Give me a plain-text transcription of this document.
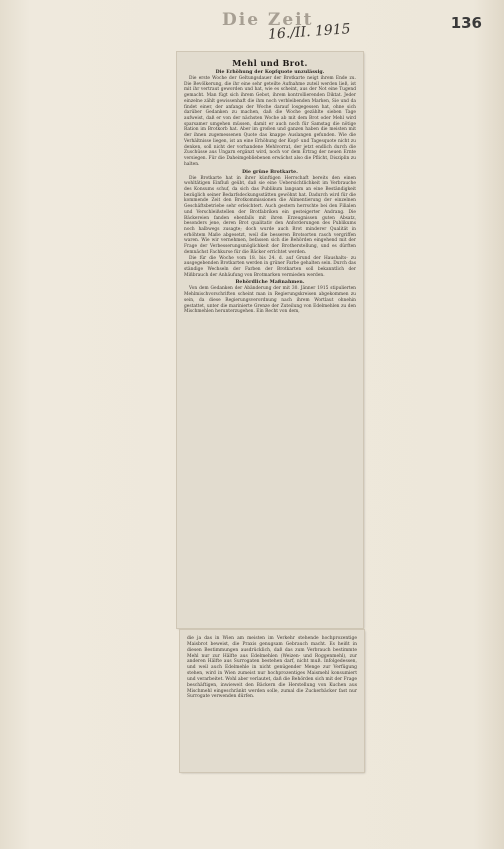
Die Zeit
16./II. 1915	136
Mehl und Brot.
Die Erhöhung der Kopfquote unzulässig.

Die erste Woche der Geltungsdauer der Brotkarte neigt ihrem Ende zu. Die Bevölkerung, die ihr eine sehr geteilte Aufnahme zuteil werden ließ, ist mit ihr vertraut geworden und hat, wie es scheint, aus der Not eine Tugend gemacht. Man fügt sich ihrem Gebot, ihrem kontrollierenden Diktat. Jeder einzelne zählt gewissenhaft die ihm noch verbleibenden Marken, Sie und da findet einer, der anfangs der Woche darauf losgegessen hat, ohne sich darüber Gedanken zu machen, daß die Woche gezählte sieben Tage aufweist, daß er von der nächsten Woche ab mit dem Brot oder Mehl wird sparsamer umgehen müssen, damit er auch noch für Samstag die nötige Ration im Brotkorb hat. Aber im großen und ganzen haben die meisten mit der ihnen zugemessenen Quote das knappe Auslangen gefunden. Wie die Verhältnisse liegen, ist an eine Erhöhung der Kopf- und Tagesquote nicht zu denken, soll nicht der vorhandene Mehlvorrat, der jetzt endlich durch die Zuschüsse aus Ungarn ergänzt wird, noch vor dem Ertrag der neuen Ernte versiegen. Für die Daheimgebliebenen erwächst also die Pflicht, Disziplin zu halten.

Die grüne Brotkarte.

Die Brotkarte hat in ihrer künftigen Herrschaft bereits den einen wohltätigen Einfluß geübt, daß sie eine Uebersichtlichkeit im Verbrauche des Konsums schuf, da sich das Publikum langsam an eine Beständigkeit bezüglich seiner Bedarfsdeckungsstätten gewöhnt hat. Dadurch wird für die kommende Zeit den Brotkommissionen die Alimentierung der einzelnen Geschäftsbetriebe sehr erleichtert. Auch gestern herrschte bei den Filialen und Verschleißstellen der Brotfabriken ein gesteigerter Andrang. Die Bäckereien fanden ebenfalls mit ihren Erzeugnissen guten Absatz, besonders jene, deren Brot qualitativ den Anforderungen des Publikums noch halbwegs zusagte; doch wurde auch Brot minderer Qualität in erhöhtem Maße abgesetzt, weil die besseren Brotsorten rasch vergriffen waren. Wie wir vernehmen, befassen sich die Behörden eingehend mit der Frage der Verbesserungsmöglichkeit der Brotherstellung, und es dürften demnächst Fachkurse für die Bäcker errichtet werden.

Die für die Woche vom 18. bis 24. d. auf Grund der Haushalts- zu ausgegebenden Brotkarten werden in grüner Farbe gehalten sein. Durch das ständige Wechseln der Farben der Brotkarten soll bekanntlich der Mißbrauch der Anhäufung von Brotmarken vermieden werden.

Behördliche Maßnahmen.

Von dem Gedanken der Abänderung der mit 30. Jänner 1915 stipulierten Mehlmischvorschriften scheint man in Regierungskreisen abgekommen zu sein, da diese Regierungsverordnung nach ihrem Wortlaut ohnehin gestattet, unter die marinierte Grenze der Zuteilung von Edelmehlen zu den Mischmehlen herunterzugehen. Ein Recht von dem,

die ja das in Wien am meisten im Verkehr stehende hochprozentige Maisbrot beweist, die Praxis genugsam Gebrauch macht. Es heißt in diesen Bestimmungen ausdrücklich, daß das zum Verbrauch bestimmte Mehl nur zur Hälfte aus Edelmehlen (Weizen- und Roggenmehl), zur anderen Hälfte aus Surrogaten bestehen darf, nicht muß. Infolgedessen, und weil auch Edelmehle in nicht genügender Menge zur Verfügung stehen, wird in Wien zumeist nur hochprozentiges Maismehl konsumiert und verarbeitet. Wohl aber verlautet, daß die Behörden sich mit der Frage beschäftigen, inwieweit den Bäckern die Herstellung von Kuchen aus Mischmehl eingeschränkt werden solle, zumal die Zuckerbäcker fast nur Surrogate verwenden dürfen.
